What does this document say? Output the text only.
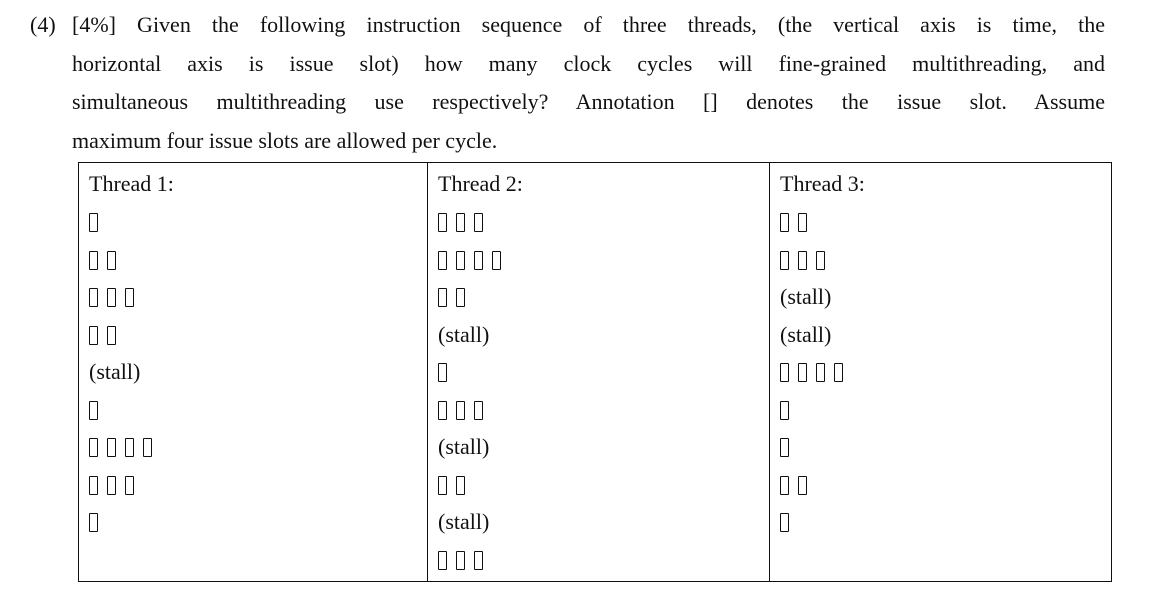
(4) [4%] Given the following instruction sequence of three threads, (the vertical axis is time, the
horizontal axis is issue slot) how many clock cycles will fine-grained multithreading, and
simultaneous multithreading use respectively? Annotation [] denotes the issue slot. Assume
maximum four issue slots are allowed per cycle.
Thread 1:
(stall)
Thread 2:
(stall)
(stall)
(stall)
Thread 3:
(stall)
(stall)
